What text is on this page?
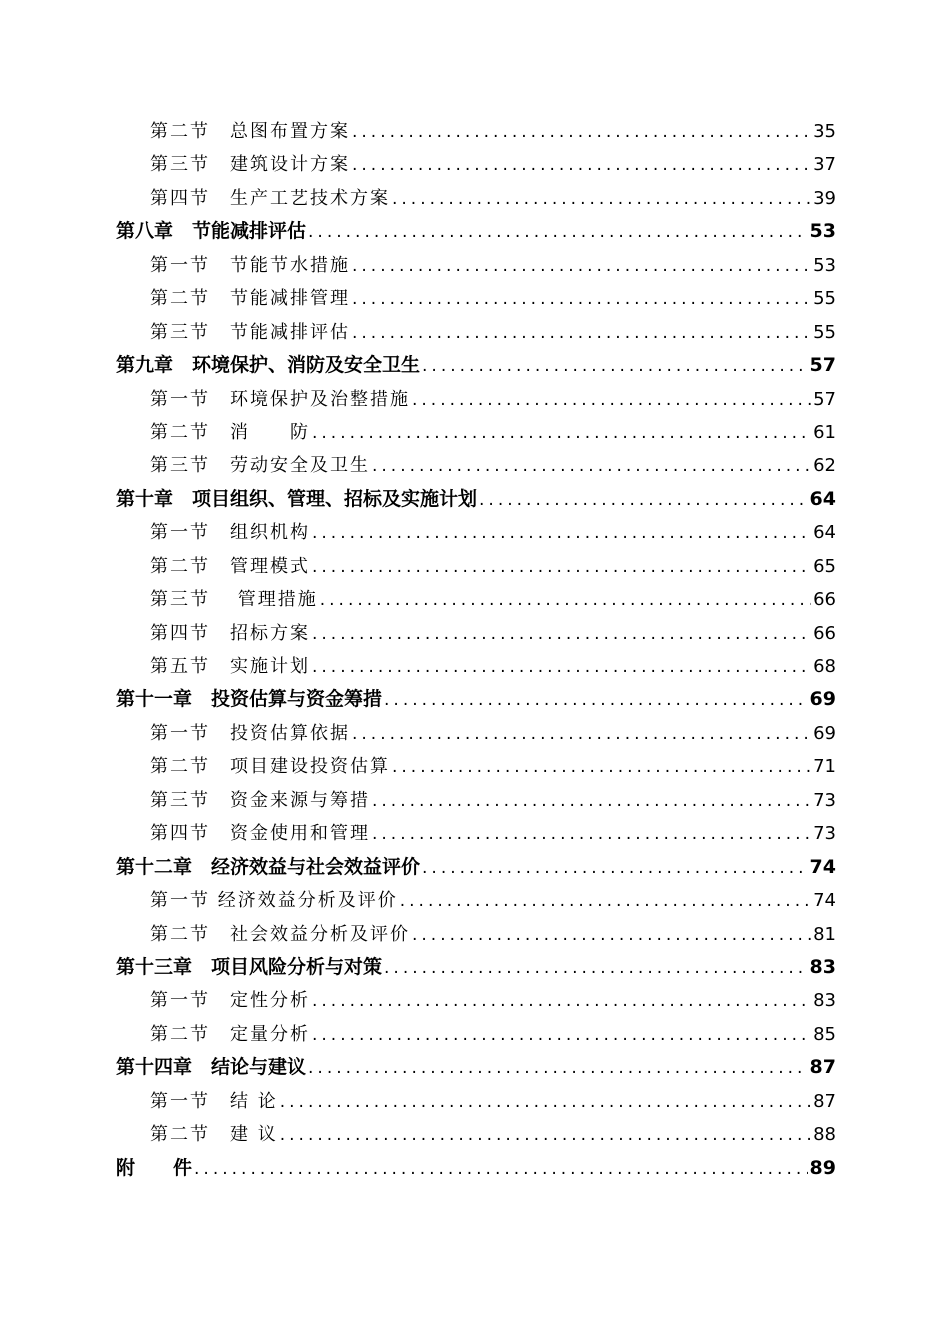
第二节　总图布置方案 .....	35
第三节　建筑设计方案 .....	37
第四节　生产工艺技术方案 .....	39
第八章　节能减排评估 .....	53
第一节　节能节水措施 .....	53
第二节　节能减排管理 .....	55
第三节　节能减排评估 .....	55
第九章　环境保护、消防及安全卫生 .....	57
第一节　环境保护及治整措施 .....	57
第二节　消　　防 .....	61
第三节　劳动安全及卫生 .....	62
第十章　项目组织、管理、招标及实施计划 .....	64
第一节　组织机构 .....	64
第二节　管理模式 .....	65
第三节　 管理措施 .....	66
第四节　招标方案 .....	66
第五节　实施计划 .....	68
第十一章　投资估算与资金筹措 .....	69
第一节　投资估算依据 .....	69
第二节　项目建设投资估算 .....	71
第三节　资金来源与筹措 .....	73
第四节　资金使用和管理 .....	73
第十二章　经济效益与社会效益评价 .....	74
第一节 经济效益分析及评价 .....	74
第二节　社会效益分析及评价 .....	81
第十三章　项目风险分析与对策 .....	83
第一节　定性分析 .....	83
第二节　定量分析 .....	85
第十四章　结论与建议 .....	87
第一节　结 论 .....	87
第二节　建 议 .....	88
附　　件 .....	89
